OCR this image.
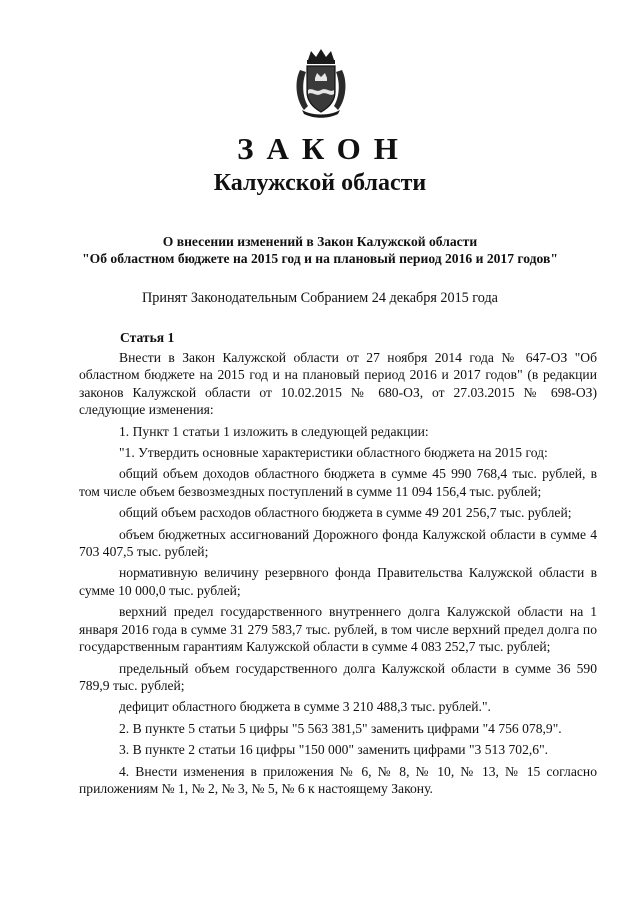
ЗАКОН
Калужской области
О внесении изменений в Закон Калужской области
"Об областном бюджете на 2015 год и на плановый период 2016 и 2017 годов"
Принят Законодательным Собранием 24 декабря 2015 года
Статья 1

Внести в Закон Калужской области от 27 ноября 2014 года № 647-ОЗ "Об областном бюджете на 2015 год и на плановый период 2016 и 2017 годов" (в редакции законов Калужской области от 10.02.2015 № 680-ОЗ, от 27.03.2015 № 698-ОЗ) следующие изменения:

1. Пункт 1 статьи 1 изложить в следующей редакции:

"1. Утвердить основные характеристики областного бюджета на 2015 год:

общий объем доходов областного бюджета в сумме 45 990 768,4 тыс. рублей, в том числе объем безвозмездных поступлений в сумме 11 094 156,4 тыс. рублей;

общий объем расходов областного бюджета в сумме 49 201 256,7 тыс. рублей;

объем бюджетных ассигнований Дорожного фонда Калужской области в сумме 4 703 407,5 тыс. рублей;

нормативную величину резервного фонда Правительства Калужской области в сумме 10 000,0 тыс. рублей;

верхний предел государственного внутреннего долга Калужской области на 1 января 2016 года в сумме 31 279 583,7 тыс. рублей, в том числе верхний предел долга по государственным гарантиям Калужской области в сумме 4 083 252,7 тыс. рублей;

предельный объем государственного долга Калужской области в сумме 36 590 789,9 тыс. рублей;

дефицит областного бюджета в сумме 3 210 488,3 тыс. рублей.".

2. В пункте 5 статьи 5 цифры "5 563 381,5" заменить цифрами "4 756 078,9".

3. В пункте 2 статьи 16 цифры "150 000" заменить цифрами "3 513 702,6".

4. Внести изменения в приложения № 6, № 8, № 10, № 13, № 15 согласно приложениям № 1, № 2, № 3, № 5, № 6 к настоящему Закону.
